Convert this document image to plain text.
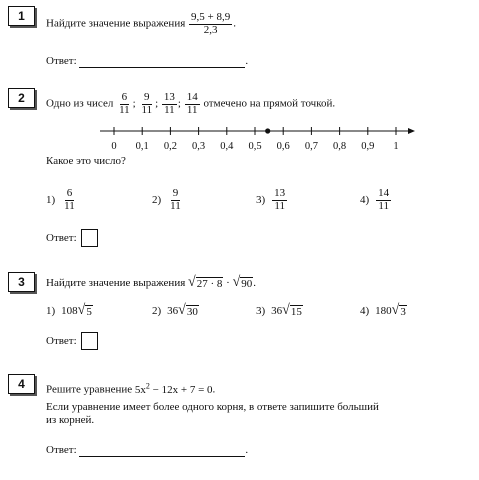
1
Найдите значение выражения $\frac{9,5 + 8,9}{2,3}$ .
Ответ:	.
2	Одно из чисел $\frac{6}{11}$ ; $\frac{9}{11}$ ; $\frac{13}{11}$ ; $\frac{14}{11}$ отмечено на прямой точкой.
0 0,1 0,2 0,3 0,4 0,5 0,6 0,7 0,8 0,9 1
Какое это число?
$1) \frac{6}{11}$	$2) \frac{9}{11}$	$3) \frac{13}{11}$	$4) \frac{14}{11}$
Ответ:
3	Найдите значение выражения
√ 27 · 8 · √ 90 .
1) 108 √ 5	2) 36 √ 30	3) 36 √ 15	4) 180 √ 3
Ответ:
4	Решите уравнение $5x^2 - 12x + 7 = 0$.
Если уравнение имеет более одного корня, в ответе запишите больший
из корней.
Ответ:	.
